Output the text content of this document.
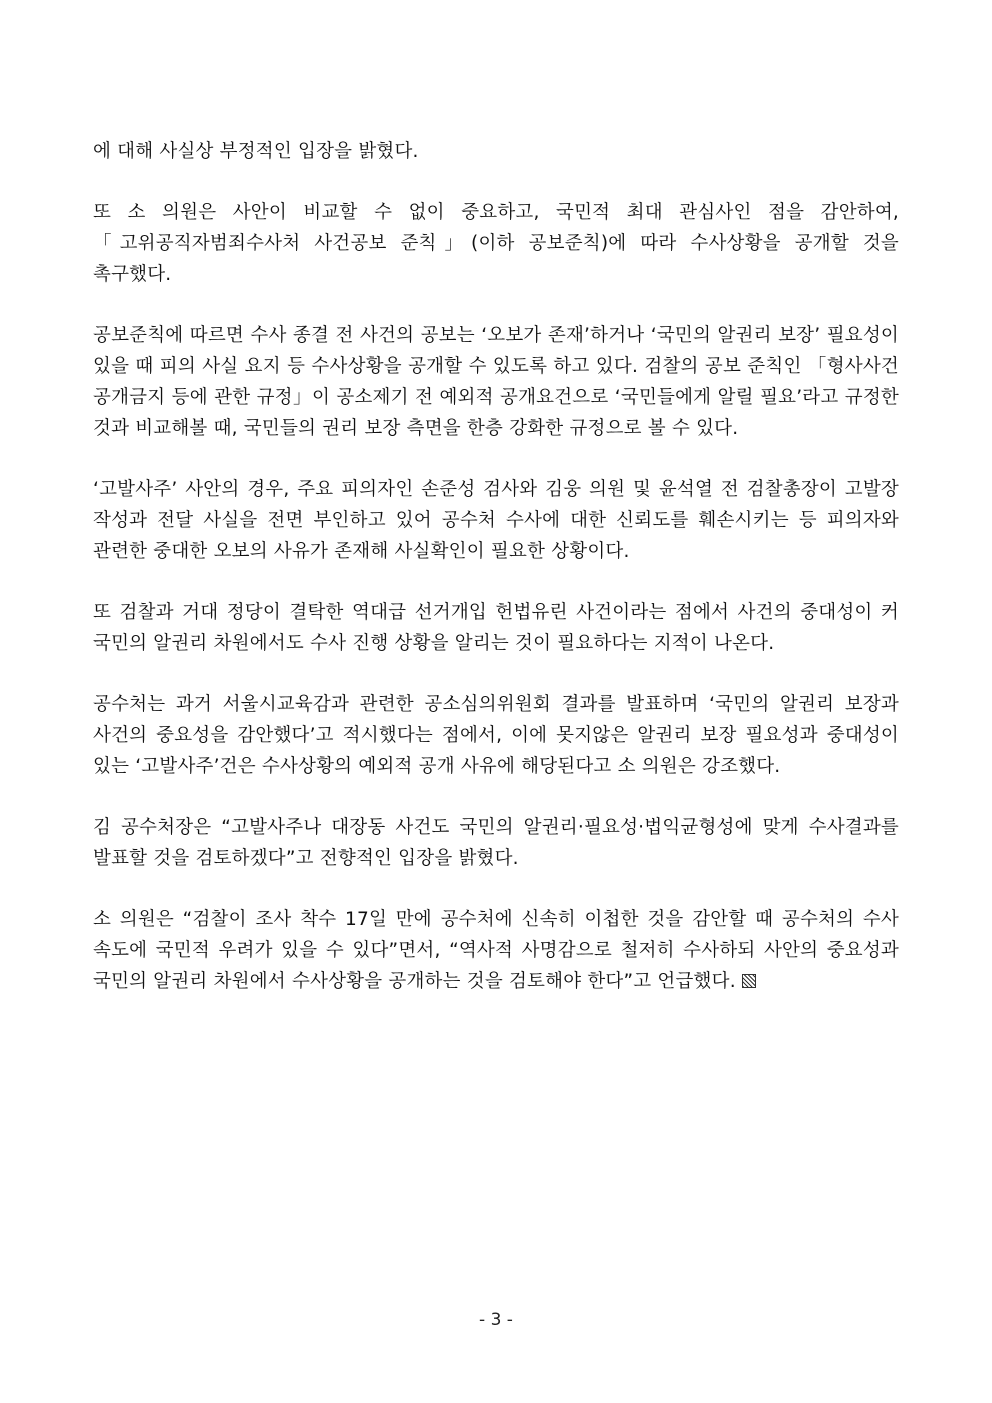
에 대해 사실상 부정적인 입장을 밝혔다.

또 소 의원은 사안이 비교할 수 없이 중요하고, 국민적 최대 관심사인 점을 감안하여, 「고위공직자범죄수사처 사건공보 준칙」(이하 공보준칙)에 따라 수사상황을 공개할 것을 촉구했다.

공보준칙에 따르면 수사 종결 전 사건의 공보는 ‘오보가 존재’하거나 ‘국민의 알권리 보장’ 필요성이 있을 때 피의 사실 요지 등 수사상황을 공개할 수 있도록 하고 있다. 검찰의 공보 준칙인 「형사사건 공개금지 등에 관한 규정」이 공소제기 전 예외적 공개요건으로 ‘국민들에게 알릴 필요’라고 규정한 것과 비교해볼 때, 국민들의 권리 보장 측면을 한층 강화한 규정으로 볼 수 있다.

‘고발사주’ 사안의 경우, 주요 피의자인 손준성 검사와 김웅 의원 및 윤석열 전 검찰총장이 고발장 작성과 전달 사실을 전면 부인하고 있어 공수처 수사에 대한 신뢰도를 훼손시키는 등 피의자와 관련한 중대한 오보의 사유가 존재해 사실확인이 필요한 상황이다.

또 검찰과 거대 정당이 결탁한 역대급 선거개입 헌법유린 사건이라는 점에서 사건의 중대성이 커 국민의 알권리 차원에서도 수사 진행 상황을 알리는 것이 필요하다는 지적이 나온다.

공수처는 과거 서울시교육감과 관련한 공소심의위원회 결과를 발표하며 ‘국민의 알권리 보장과 사건의 중요성을 감안했다’고 적시했다는 점에서, 이에 못지않은 알권리 보장 필요성과 중대성이 있는 ‘고발사주’건은 수사상황의 예외적 공개 사유에 해당된다고 소 의원은 강조했다.

김 공수처장은 “고발사주나 대장동 사건도 국민의 알권리·필요성·법익균형성에 맞게 수사결과를 발표할 것을 검토하겠다”고 전향적인 입장을 밝혔다.

소 의원은 “검찰이 조사 착수 17일 만에 공수처에 신속히 이첩한 것을 감안할 때 공수처의 수사 속도에 국민적 우려가 있을 수 있다”면서, “역사적 사명감으로 철저히 수사하되 사안의 중요성과 국민의 알권리 차원에서 수사상황을 공개하는 것을 검토해야 한다”고 언급했다.

- 3 -
